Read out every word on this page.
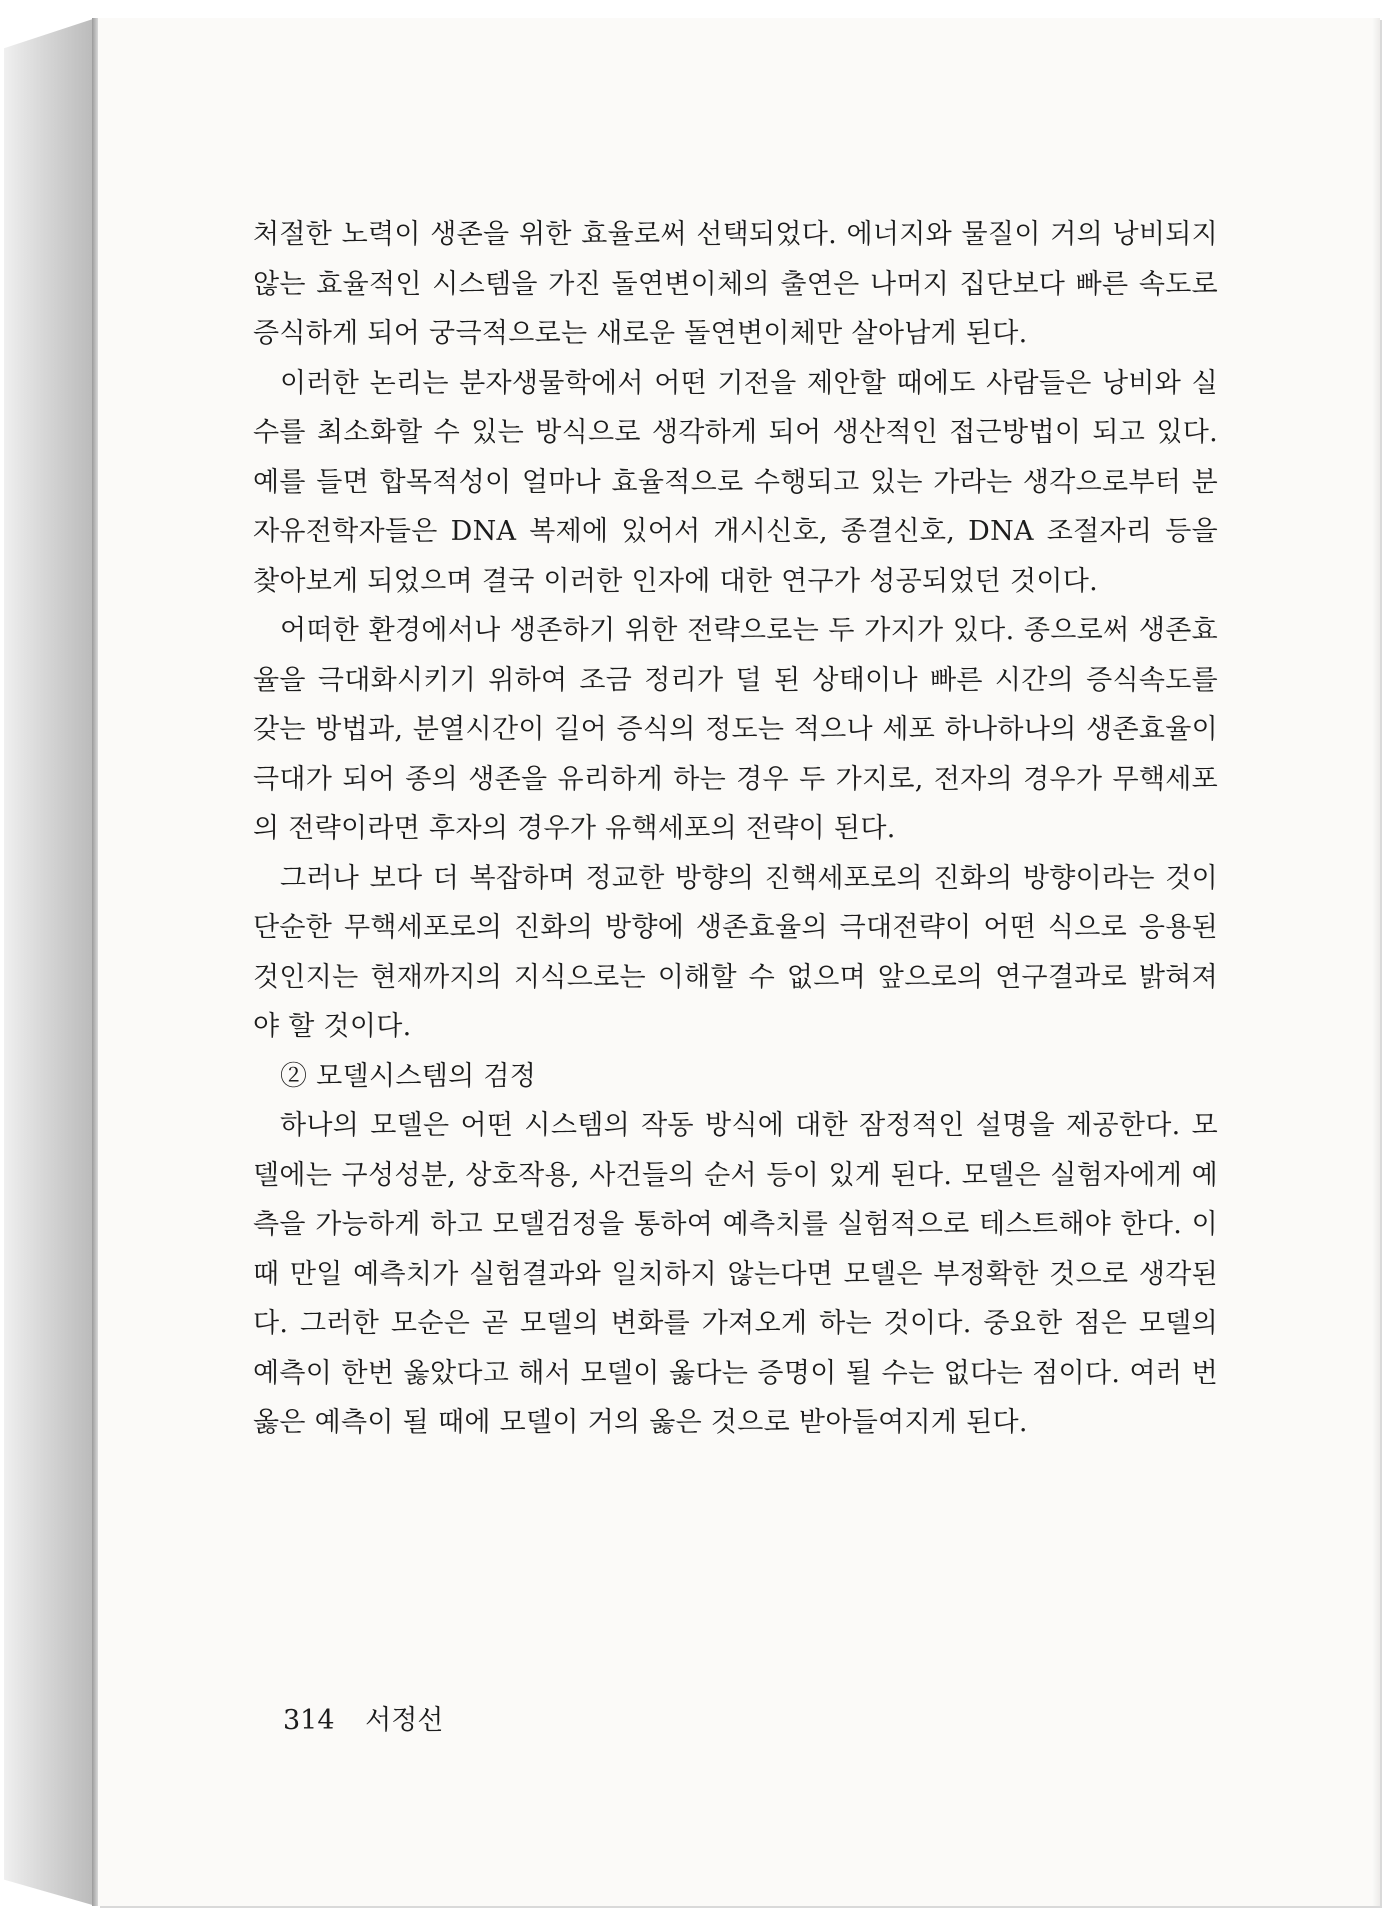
처절한 노력이 생존을 위한 효율로써 선택되었다. 에너지와 물질이 거의 낭비되지 않는 효율적인 시스템을 가진 돌연변이체의 출연은 나머지 집단보다 빠른 속도로 증식하게 되어 궁극적으로는 새로운 돌연변이체만 살아남게 된다.

이러한 논리는 분자생물학에서 어떤 기전을 제안할 때에도 사람들은 낭비와 실수를 최소화할 수 있는 방식으로 생각하게 되어 생산적인 접근방법이 되고 있다. 예를 들면 합목적성이 얼마나 효율적으로 수행되고 있는 가라는 생각으로부터 분자유전학자들은 DNA 복제에 있어서 개시신호, 종결신호, DNA 조절자리 등을 찾아보게 되었으며 결국 이러한 인자에 대한 연구가 성공되었던 것이다.

어떠한 환경에서나 생존하기 위한 전략으로는 두 가지가 있다. 종으로써 생존효율을 극대화시키기 위하여 조금 정리가 덜 된 상태이나 빠른 시간의 증식속도를 갖는 방법과, 분열시간이 길어 증식의 정도는 적으나 세포 하나하나의 생존효율이 극대가 되어 종의 생존을 유리하게 하는 경우 두 가지로, 전자의 경우가 무핵세포의 전략이라면 후자의 경우가 유핵세포의 전략이 된다.

그러나 보다 더 복잡하며 정교한 방향의 진핵세포로의 진화의 방향이라는 것이 단순한 무핵세포로의 진화의 방향에 생존효율의 극대전략이 어떤 식으로 응용된 것인지는 현재까지의 지식으로는 이해할 수 없으며 앞으로의 연구결과로 밝혀져야 할 것이다.

② 모델시스템의 검정

하나의 모델은 어떤 시스템의 작동 방식에 대한 잠정적인 설명을 제공한다. 모델에는 구성성분, 상호작용, 사건들의 순서 등이 있게 된다. 모델은 실험자에게 예측을 가능하게 하고 모델검정을 통하여 예측치를 실험적으로 테스트해야 한다. 이때 만일 예측치가 실험결과와 일치하지 않는다면 모델은 부정확한 것으로 생각된다. 그러한 모순은 곧 모델의 변화를 가져오게 하는 것이다. 중요한 점은 모델의 예측이 한번 옳았다고 해서 모델이 옳다는 증명이 될 수는 없다는 점이다. 여러 번 옳은 예측이 될 때에 모델이 거의 옳은 것으로 받아들여지게 된다.

314 서정선
